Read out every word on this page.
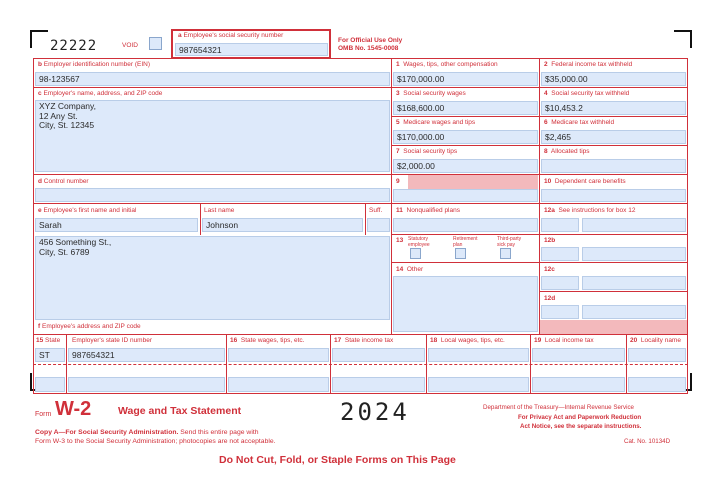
22222	VOID
a Employee's social security number
987654321
For Official Use Only
OMB No. 1545-0008
b Employer identification number (EIN)
98-123567
c Employer's name, address, and ZIP code
XYZ Company,
12 Any St.
City, St. 12345
d Control number
e Employee's first name and initial	Last name	Suff.
Sarah	Johnson
456 Something St.,
City, St. 6789
f Employee's address and ZIP code
1 Wages, tips, other compensation
$170,000.00
3 Social security wages
$168,600.00
5 Medicare wages and tips
$170,000.00
7 Social security tips
$2,000.00
9
11 Nonqualified plans
13 Statutory employee
Retirement plan
Third-party sick pay
14 Other
2 Federal income tax withheld
$35,000.00
4 Social security tax withheld
$10,453.2
6 Medicare tax withheld
$2,465
8 Allocated tips
10 Dependent care benefits
12a See instructions for box 12
12b
12c
12d
15 State Employer's state ID number	16 State wages, tips, etc.	17 State income tax	18 Local wages, tips, etc.	19 Local income tax	20 Locality name
ST	987654321
Form W-2	Wage and Tax Statement	2024
Copy A—For Social Security Administration. Send this entire page with
Form W-3 to the Social Security Administration; photocopies are not acceptable.
Department of the Treasury—Internal Revenue Service
For Privacy Act and Paperwork Reduction
Act Notice, see the separate instructions.
Cat. No. 10134D
Do Not Cut, Fold, or Staple Forms on This Page
